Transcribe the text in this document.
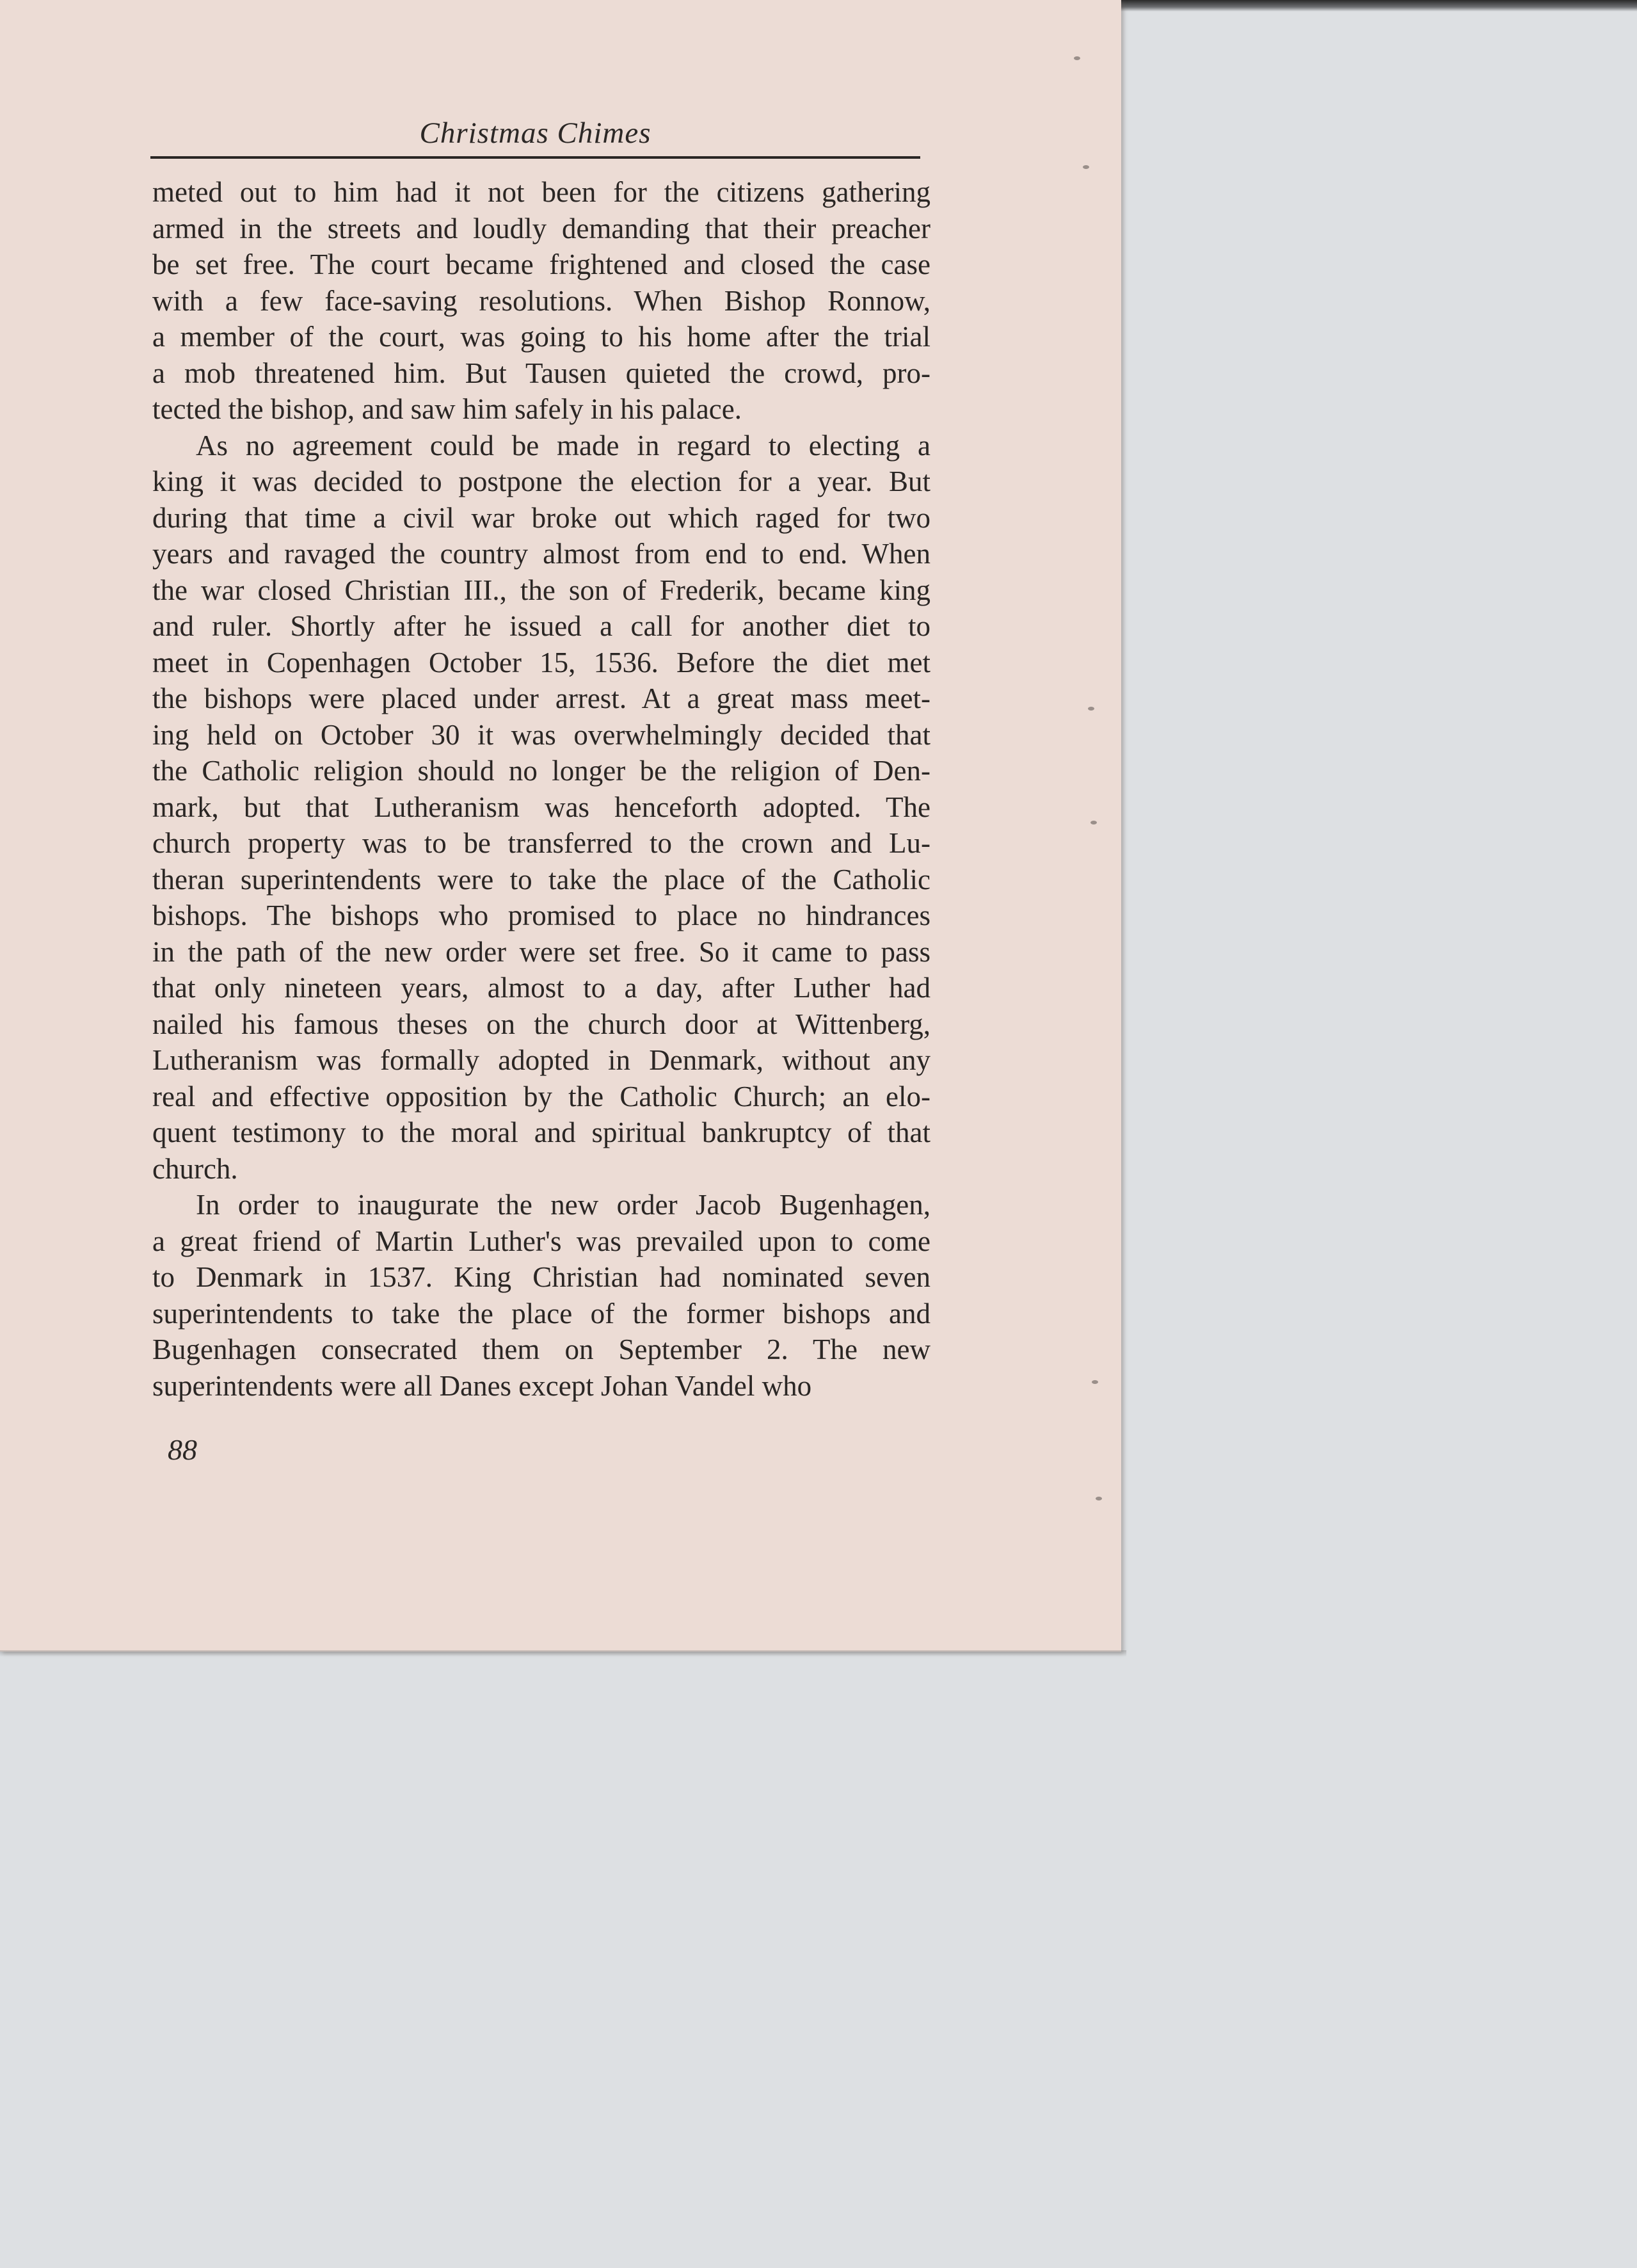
Christmas Chimes
meted out to him had it not been for the citizens gathering
armed in the streets and loudly demanding that their preacher
be set free. The court became frightened and closed the case
with a few face-saving resolutions. When Bishop Ronnow,
a member of the court, was going to his home after the trial
a mob threatened him. But Tausen quieted the crowd, pro-
tected the bishop, and saw him safely in his palace.
As no agreement could be made in regard to electing a
king it was decided to postpone the election for a year. But
during that time a civil war broke out which raged for two
years and ravaged the country almost from end to end. When
the war closed Christian III., the son of Frederik, became king
and ruler. Shortly after he issued a call for another diet to
meet in Copenhagen October 15, 1536. Before the diet met
the bishops were placed under arrest. At a great mass meet-
ing held on October 30 it was overwhelmingly decided that
the Catholic religion should no longer be the religion of Den-
mark, but that Lutheranism was henceforth adopted. The
church property was to be transferred to the crown and Lu-
theran superintendents were to take the place of the Catholic
bishops. The bishops who promised to place no hindrances
in the path of the new order were set free. So it came to pass
that only nineteen years, almost to a day, after Luther had
nailed his famous theses on the church door at Wittenberg,
Lutheranism was formally adopted in Denmark, without any
real and effective opposition by the Catholic Church; an elo-
quent testimony to the moral and spiritual bankruptcy of that
church.
In order to inaugurate the new order Jacob Bugenhagen,
a great friend of Martin Luther's was prevailed upon to come
to Denmark in 1537. King Christian had nominated seven
superintendents to take the place of the former bishops and
Bugenhagen consecrated them on September 2. The new
superintendents were all Danes except Johan Vandel who
88
